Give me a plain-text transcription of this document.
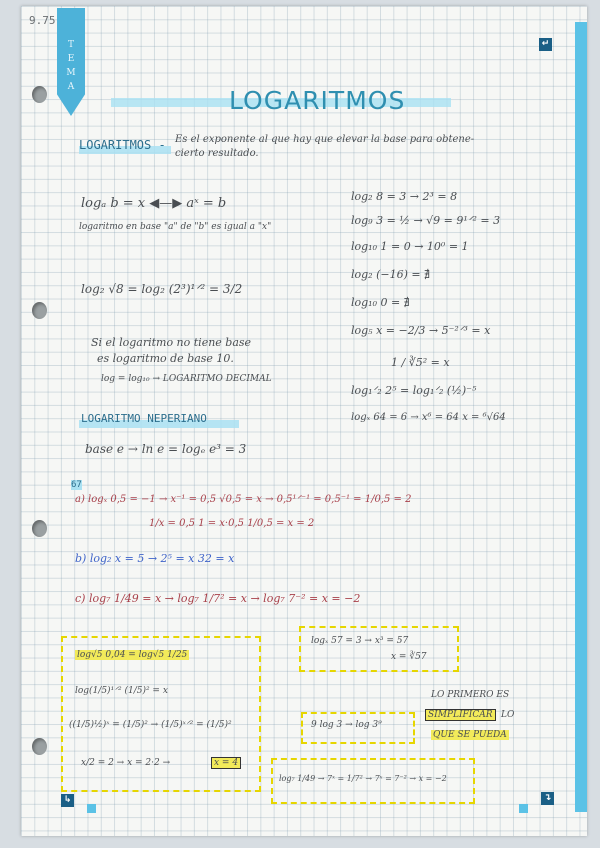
9.75
T
E
M
A
↵
↳	↴
LOGARITMOS
LOGARITMOS - Es el exponente al que hay que elevar la base para obtene-
cierto resultado.
logₐ b = x ◀—▶ aˣ = b
logaritmo en base "a" de "b" es igual a "x"
log₂ √8 = log₂ (2³)¹ᐟ² = 3/2
Si el logaritmo no tiene base
es logaritmo de base 10.
log = log₁₀ → LOGARITMO DECIMAL
LOGARITMO NEPERIANO
base e → ln e = logₑ e³ = 3
log₂ 8 = 3 → 2³ = 8
log₉ 3 = ½ → √9 = 9¹ᐟ² = 3
log₁₀ 1 = 0 → 10⁰ = 1
log₂ (−16) = ∄
log₁₀ 0 = ∄
log₅ x = −2/3 → 5⁻²ᐟ³ = x
1 / ∛5² = x
log₁ᐟ₂ 2⁵ = log₁ᐟ₂ (½)⁻⁵
logₓ 64 = 6 → x⁶ = 64 x = ⁶√64
67
a) logₓ 0,5 = −1 → x⁻¹ = 0,5 √0,5 = x → 0,5¹ᐟ⁻¹ = 0,5⁻¹ = 1/0,5 = 2
1/x = 0,5 1 = x·0,5 1/0,5 = x = 2
b) log₂ x = 5 → 2⁵ = x 32 = x
c) log₇ 1/49 = x → log₇ 1/7² = x → log₇ 7⁻² = x = −2
log√5 0,04 = log√5 1/25
log(1/5)¹ᐟ² (1/5)² = x
((1/5)½)ˣ = (1/5)² → (1/5)ˣᐟ² = (1/5)²
x/2 = 2 → x = 2·2 →	x = 4
logₓ 57 = 3 → x³ = 57
x = ∛57
LO PRIMERO ES
SIMPLIFICAR LO
QUE SE PUEDA
9 log 3 → log 3⁹
log₇ 1/49 → 7ˣ = 1/7² → 7ˣ = 7⁻² → x = −2
